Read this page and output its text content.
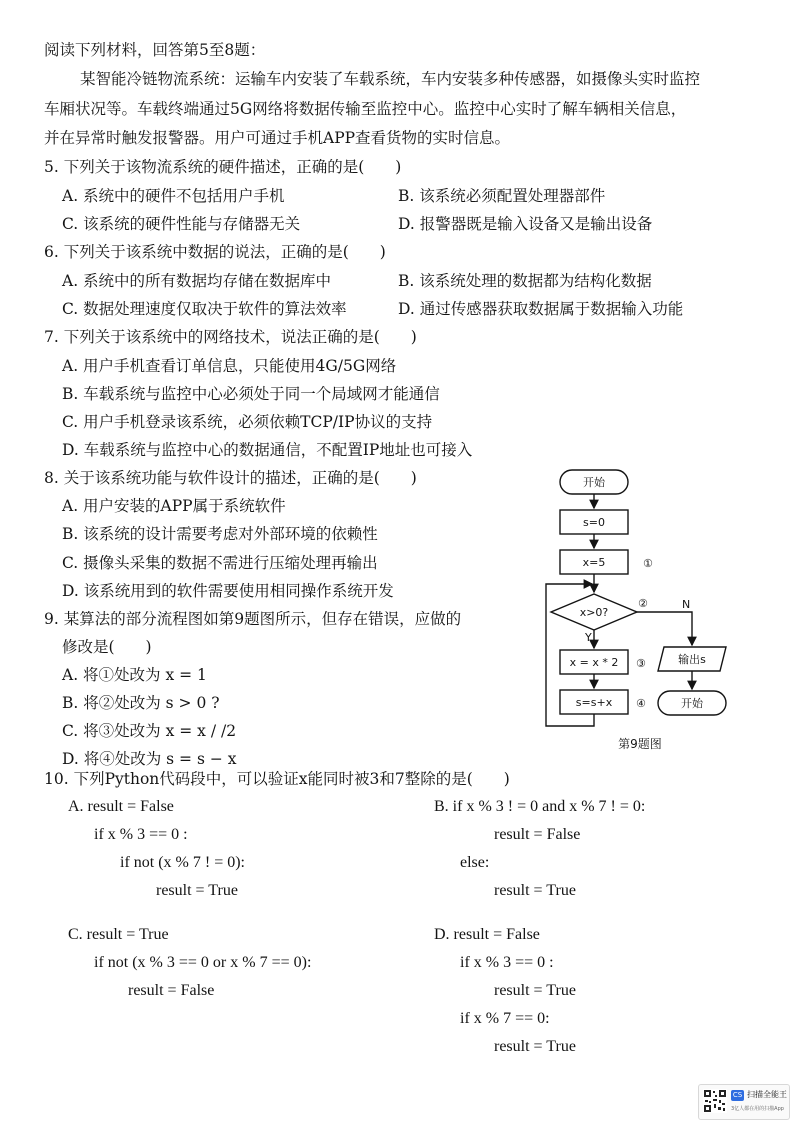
阅读下列材料，回答第5至8题：
某智能冷链物流系统：运输车内安装了车载系统，车内安装多种传感器，如摄像头实时监控
车厢状况等。车载终端通过5G网络将数据传输至监控中心。监控中心实时了解车辆相关信息，
并在异常时触发报警器。用户可通过手机APP查看货物的实时信息。
5. 下列关于该物流系统的硬件描述，正确的是(　　)
A. 系统中的硬件不包括用户手机	B. 该系统必须配置处理器部件
C. 该系统的硬件性能与存储器无关	D. 报警器既是输入设备又是输出设备
6. 下列关于该系统中数据的说法，正确的是(　　)
A. 系统中的所有数据均存储在数据库中	B. 该系统处理的数据都为结构化数据
C. 数据处理速度仅取决于软件的算法效率	D. 通过传感器获取数据属于数据输入功能
7. 下列关于该系统中的网络技术，说法正确的是(　　)
A. 用户手机查看订单信息，只能使用4G/5G网络
B. 车载系统与监控中心必须处于同一个局域网才能通信
C. 用户手机登录该系统，必须依赖TCP/IP协议的支持
D. 车载系统与监控中心的数据通信，不配置IP地址也可接入
8. 关于该系统功能与软件设计的描述，正确的是(　　)
A. 用户安装的APP属于系统软件
B. 该系统的设计需要考虑对外部环境的依赖性
C. 摄像头采集的数据不需进行压缩处理再输出
D. 该系统用到的软件需要使用相同操作系统开发
9. 某算法的部分流程图如第9题图所示，但存在错误，应做的
修改是(　　)
A. 将①处改为 x = 1
B. 将②处改为 s > 0 ?
C. 将③处改为 x = x / /2
D. 将④处改为 s = s − x
开始
s=0
x=5	①
x>0?
②	N
Y
x = x * 2 ③
s=s+x ④
输出s
开始
第9题图
10. 下列Python代码段中，可以验证x能同时被3和7整除的是(　　)
A. result = False
if x % 3 == 0 :
if not (x % 7 ! = 0):
result = True
B. if x % 3 ! = 0 and x % 7 ! = 0:
result = False
else:
result = True
C. result = True
if not (x % 3 == 0 or x % 7 == 0):
result = False
D. result = False
if x % 3 == 0 :
result = True
if x % 7 == 0:
result = True
CS 扫描全能王
3亿人都在用的扫描App
